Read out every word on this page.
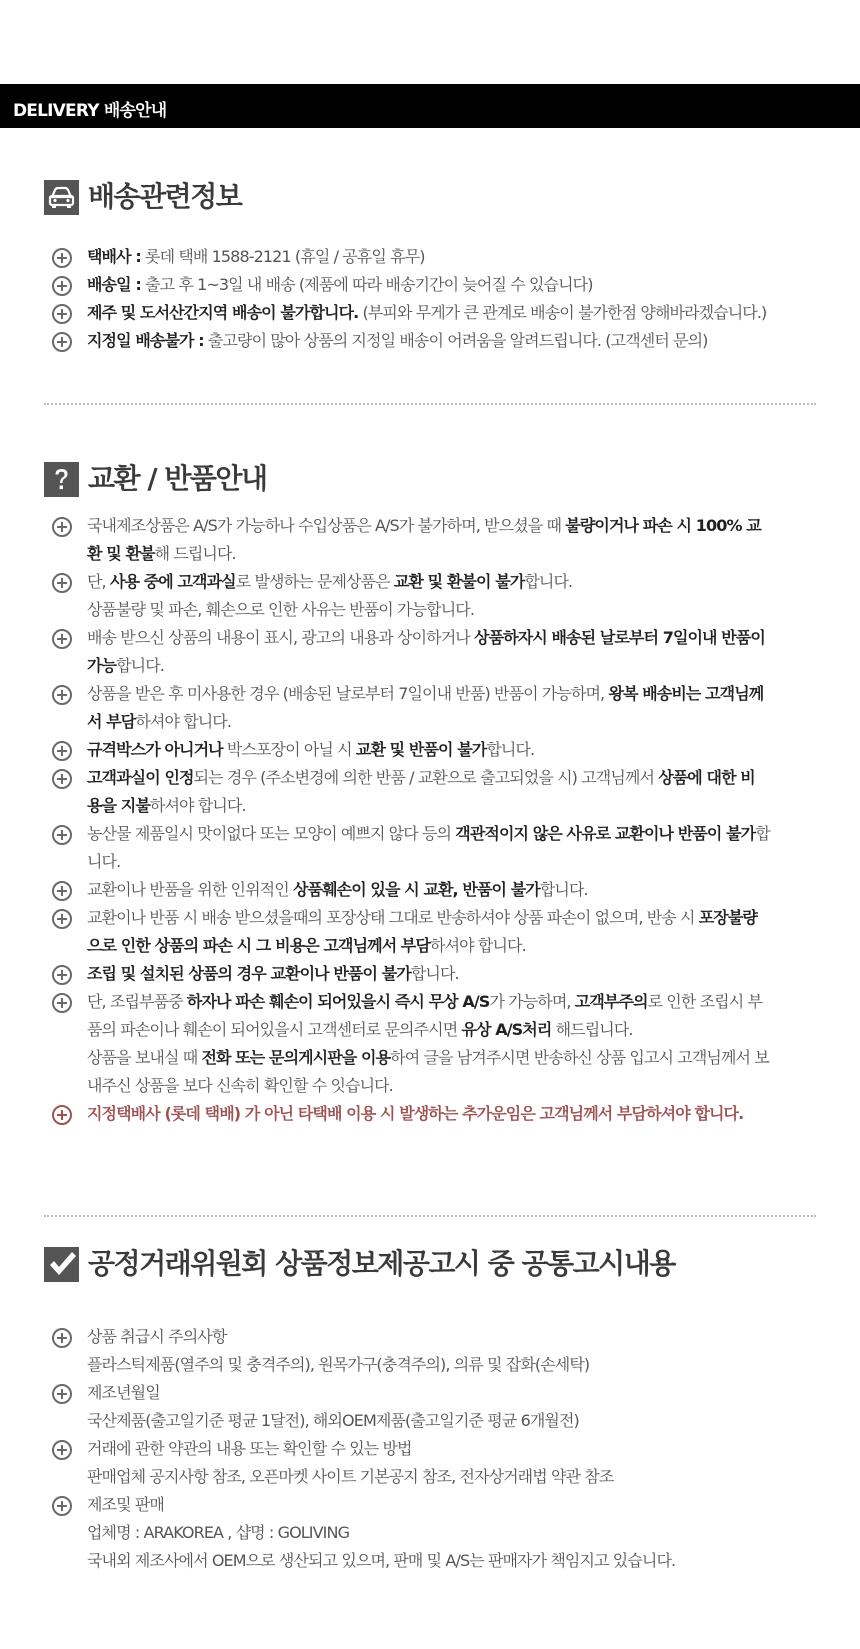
DELIVERY 배송안내
배송관련정보
택배사 : 롯데 택배 1588-2121 (휴일 / 공휴일 휴무)
배송일 : 출고 후 1~3일 내 배송 (제품에 따라 배송기간이 늦어질 수 있습니다)
제주 및 도서산간지역 배송이 불가합니다. (부피와 무게가 큰 관계로 배송이 불가한점 양해바라겠습니다.)
지정일 배송불가 : 출고량이 많아 상품의 지정일 배송이 어려움을 알려드립니다. (고객센터 문의)
교환 / 반품안내
국내제조상품은 A/S가 가능하나 수입상품은 A/S가 불가하며, 받으셨을 때 불량이거나 파손 시 100% 교
환 및 환불해 드립니다.
단, 사용 중에 고객과실로 발생하는 문제상품은 교환 및 환불이 불가합니다.
상품불량 및 파손, 훼손으로 인한 사유는 반품이 가능합니다.
배송 받으신 상품의 내용이 표시, 광고의 내용과 상이하거나 상품하자시 배송된 날로부터 7일이내 반품이
가능합니다.
상품을 받은 후 미사용한 경우 (배송된 날로부터 7일이내 반품) 반품이 가능하며, 왕복 배송비는 고객님께
서 부담하셔야 합니다.
규격박스가 아니거나 박스포장이 아닐 시 교환 및 반품이 불가합니다.
고객과실이 인정되는 경우 (주소변경에 의한 반품 / 교환으로 출고되었을 시) 고객님께서 상품에 대한 비
용을 지불하셔야 합니다.
농산물 제품일시 맛이없다 또는 모양이 예쁘지 않다 등의 객관적이지 않은 사유로 교환이나 반품이 불가합
니다.
교환이나 반품을 위한 인위적인 상품훼손이 있을 시 교환, 반품이 불가합니다.
교환이나 반품 시 배송 받으셨을때의 포장상태 그대로 반송하셔야 상품 파손이 없으며, 반송 시 포장불량
으로 인한 상품의 파손 시 그 비용은 고객님께서 부담하셔야 합니다.
조립 및 설치된 상품의 경우 교환이나 반품이 불가합니다.
단, 조립부품중 하자나 파손 훼손이 되어있을시 즉시 무상 A/S가 가능하며, 고객부주의로 인한 조립시 부
품의 파손이나 훼손이 되어있을시 고객센터로 문의주시면 유상 A/S처리 해드립니다.
상품을 보내실 때 전화 또는 문의게시판을 이용하여 글을 남겨주시면 반송하신 상품 입고시 고객님께서 보
내주신 상품을 보다 신속히 확인할 수 잇습니다.
지정택배사 (롯데 택배) 가 아닌 타택배 이용 시 발생하는 추가운임은 고객님께서 부담하셔야 합니다.
공정거래위원회 상품정보제공고시 중 공통고시내용
상품 취급시 주의사항
플라스틱제품(열주의 및 충격주의), 원목가구(충격주의), 의류 및 잡화(손세탁)
제조년월일
국산제품(출고일기준 평균 1달전), 해외OEM제품(출고일기준 평균 6개월전)
거래에 관한 약관의 내용 또는 확인할 수 있는 방법
판매업체 공지사항 참조, 오픈마켓 사이트 기본공지 참조, 전자상거래법 약관 참조
제조및 판매
업체명 : ARAKOREA , 샵명 : GOLIVING
국내외 제조사에서 OEM으로 생산되고 있으며, 판매 및 A/S는 판매자가 책임지고 있습니다.
